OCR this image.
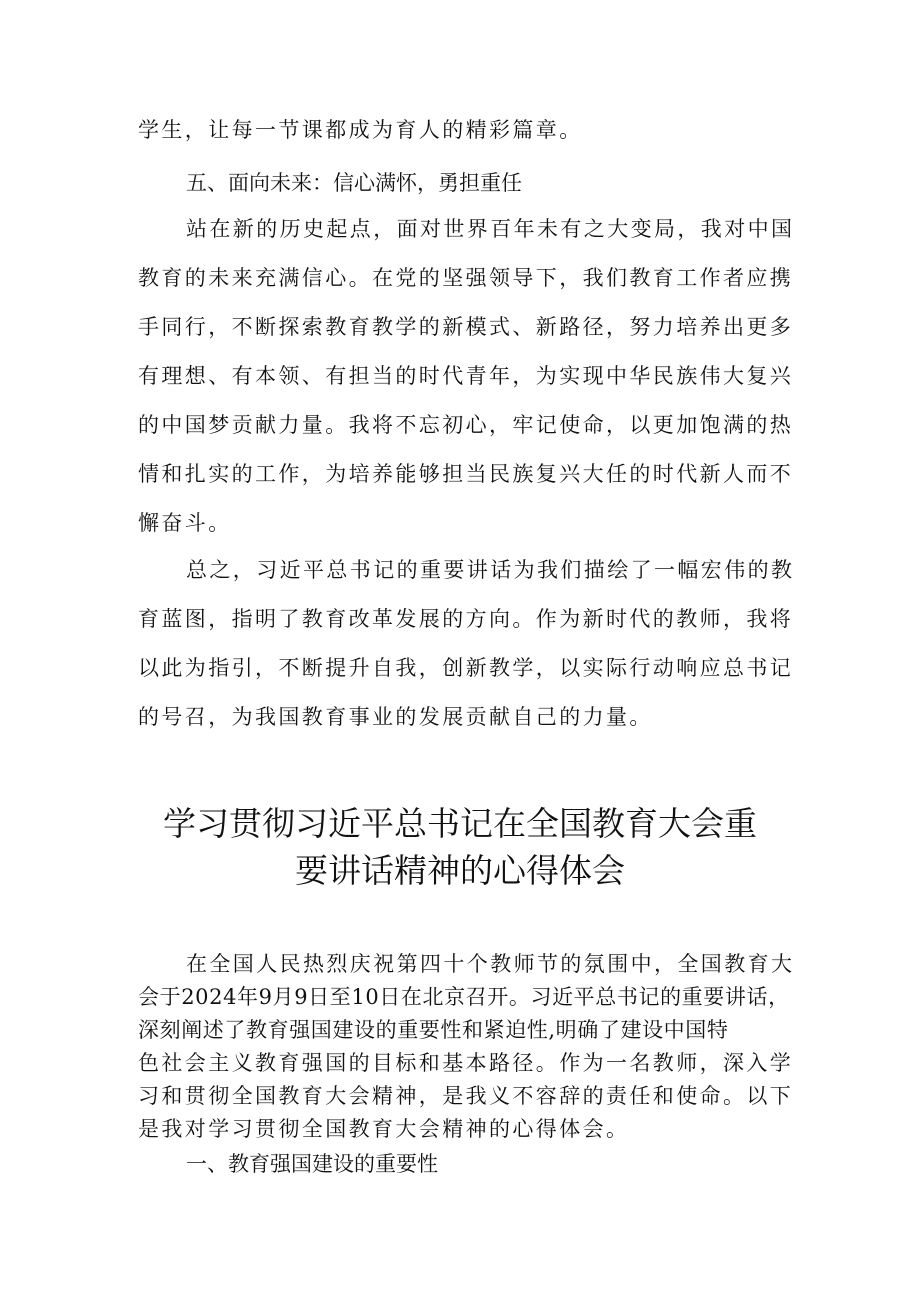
学生，让每一节课都成为育人的精彩篇章。
五、面向未来：信心满怀，勇担重任
站在新的历史起点，面对世界百年未有之大变局，我对中国
教育的未来充满信心。在党的坚强领导下，我们教育工作者应携
手同行，不断探索教育教学的新模式、新路径，努力培养出更多
有理想、有本领、有担当的时代青年，为实现中华民族伟大复兴
的中国梦贡献力量。我将不忘初心，牢记使命，以更加饱满的热
情和扎实的工作，为培养能够担当民族复兴大任的时代新人而不
懈奋斗。
总之，习近平总书记的重要讲话为我们描绘了一幅宏伟的教
育蓝图，指明了教育改革发展的方向。作为新时代的教师，我将
以此为指引，不断提升自我，创新教学，以实际行动响应总书记
的号召，为我国教育事业的发展贡献自己的力量。
学习贯彻习近平总书记在全国教育大会重
要讲话精神的心得体会
在全国人民热烈庆祝第四十个教师节的氛围中，全国教育大
会于2024年9月9日至10日在北京召开。习近平总书记的重要讲话，
深刻阐述了教育强国建设的重要性和紧迫性,明确了建设中国特
色社会主义教育强国的目标和基本路径。作为一名教师，深入学
习和贯彻全国教育大会精神，是我义不容辞的责任和使命。以下
是我对学习贯彻全国教育大会精神的心得体会。
一、教育强国建设的重要性
